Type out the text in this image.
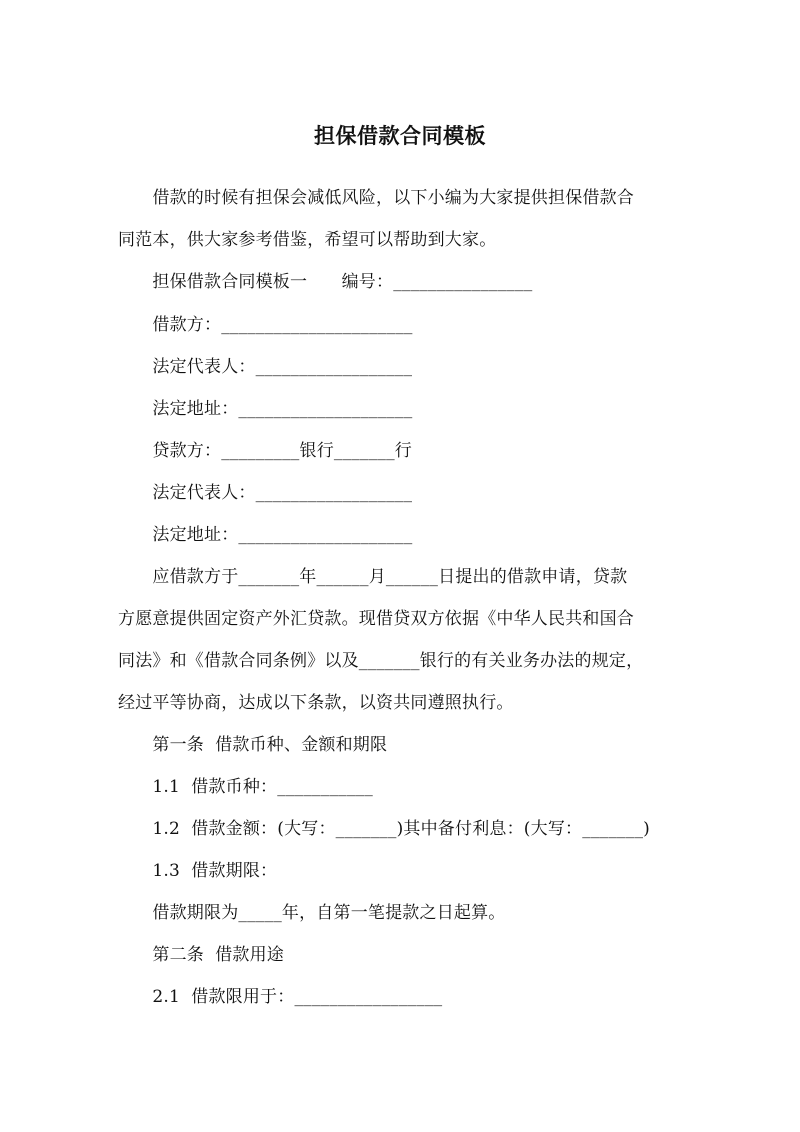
担保借款合同模板
　　借款的时候有担保会减低风险，以下小编为大家提供担保借款合
同范本，供大家参考借鉴，希望可以帮助到大家。
　　担保借款合同模板一　　编号：________________
　　借款方：______________________
　　法定代表人：__________________
　　法定地址：____________________
　　贷款方：_________银行_______行
　　法定代表人：__________________
　　法定地址：____________________
　　应借款方于_______年______月______日提出的借款申请，贷款
方愿意提供固定资产外汇贷款。现借贷双方依据《中华人民共和国合
同法》和《借款合同条例》以及_______银行的有关业务办法的规定，
经过平等协商，达成以下条款，以资共同遵照执行。
　　第一条  借款币种、金额和期限
　　1.1  借款币种：___________
　　1.2  借款金额：(大写：_______)其中备付利息：(大写：_______)
　　1.3  借款期限：
　　借款期限为_____年，自第一笔提款之日起算。
　　第二条  借款用途
　　2.1  借款限用于：_________________
